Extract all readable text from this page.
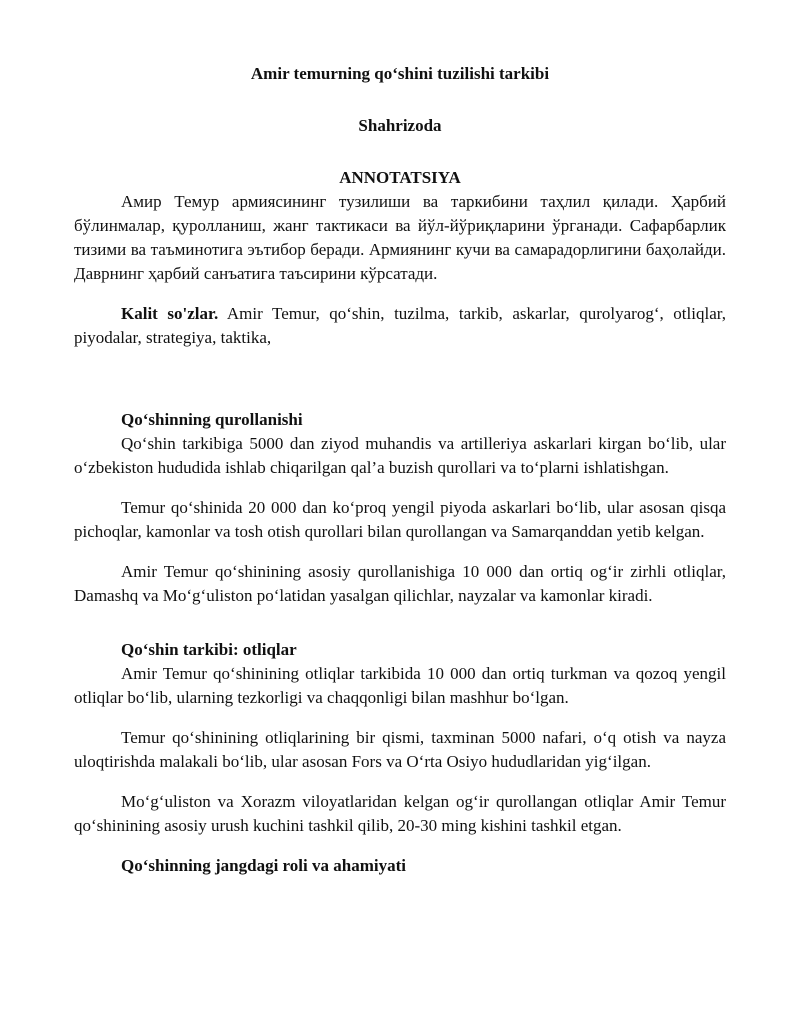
Amir temurning qo‘shini tuzilishi tarkibi
Shahrizoda
ANNOTATSIYA

Амир Темур армиясининг тузилиши ва таркибини таҳлил қилади. Ҳарбий бўлинмалар, қуролланиш, жанг тактикаси ва йўл-йўриқларини ўрганади. Сафарбарлик тизими ва таъминотига эътибор беради. Армиянинг кучи ва самарадорлигини баҳолайди. Даврнинг ҳарбий санъатига таъсирини кўрсатади.

Kalit so'zlar. Amir Temur, qo‘shin, tuzilma, tarkib, askarlar, qurolyarog‘, otliqlar, piyodalar, strategiya, taktika,

Qo‘shinning qurollanishi

Qo‘shin tarkibiga 5000 dan ziyod muhandis va artilleriya askarlari kirgan bo‘lib, ular o‘zbekiston hududida ishlab chiqarilgan qal’a buzish qurollari va to‘plarni ishlatishgan.

Temur qo‘shinida 20 000 dan ko‘proq yengil piyoda askarlari bo‘lib, ular asosan qisqa pichoqlar, kamonlar va tosh otish qurollari bilan qurollangan va Samarqanddan yetib kelgan.

Amir Temur qo‘shinining asosiy qurollanishiga 10 000 dan ortiq og‘ir zirhli otliqlar, Damashq va Mo‘g‘uliston po‘latidan yasalgan qilichlar, nayzalar va kamonlar kiradi.

Qo‘shin tarkibi: otliqlar

Amir Temur qo‘shinining otliqlar tarkibida 10 000 dan ortiq turkman va qozoq yengil otliqlar bo‘lib, ularning tezkorligi va chaqqonligi bilan mashhur bo‘lgan.

Temur qo‘shinining otliqlarining bir qismi, taxminan 5000 nafari, o‘q otish va nayza uloqtirishda malakali bo‘lib, ular asosan Fors va O‘rta Osiyo hududlaridan yig‘ilgan.

Mo‘g‘uliston va Xorazm viloyatlaridan kelgan og‘ir qurollangan otliqlar Amir Temur qo‘shinining asosiy urush kuchini tashkil qilib, 20-30 ming kishini tashkil etgan.

Qo‘shinning jangdagi roli va ahamiyati
